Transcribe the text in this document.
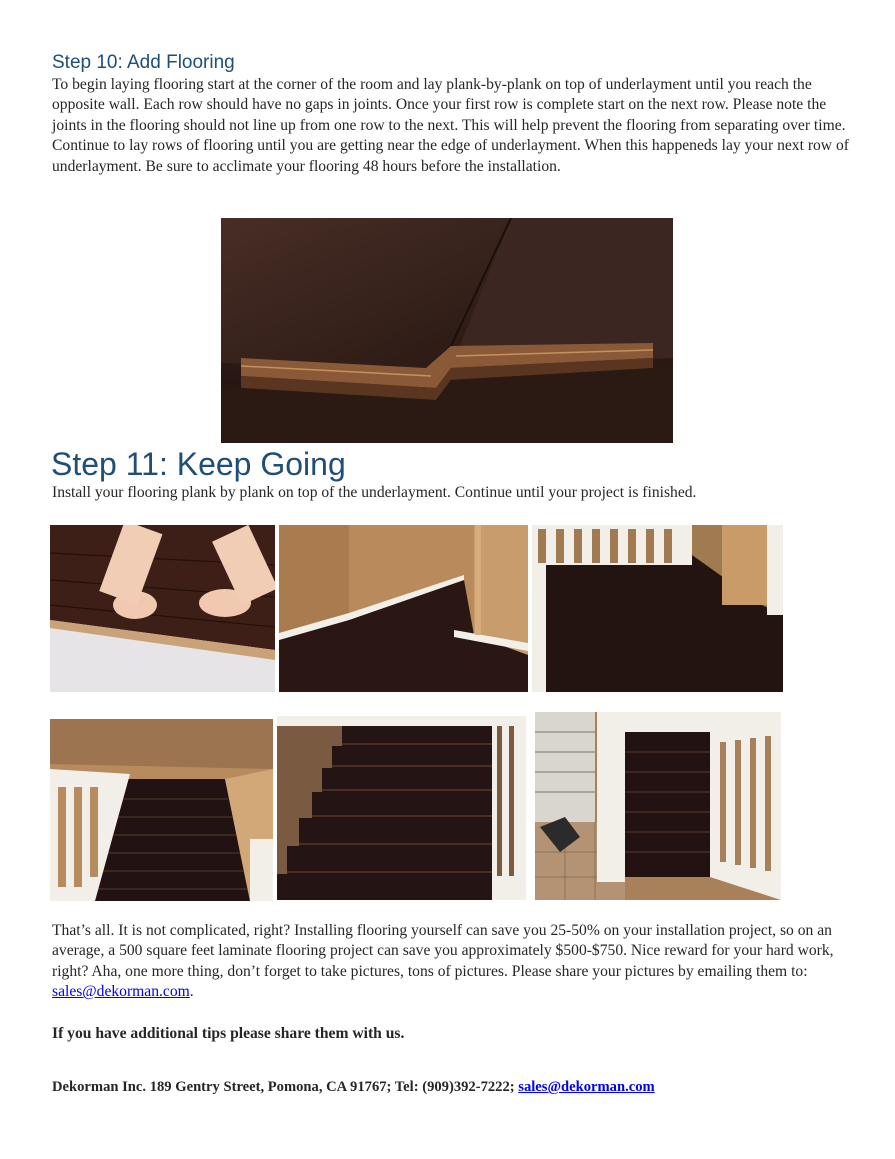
Step 10: Add Flooring

To begin laying flooring start at the corner of the room and lay plank-by-plank on top of underlayment until you reach the opposite wall. Each row should have no gaps in joints. Once your first row is complete start on the next row. Please note the joints in the flooring should not line up from one row to the next. This will help prevent the flooring from separating over time. Continue to lay rows of flooring until you are getting near the edge of underlayment. When this happeneds lay your next row of underlayment. Be sure to acclimate your flooring 48 hours before the installation.

Step 11: Keep Going

Install your flooring plank by plank on top of the underlayment. Continue until your project is finished.

That’s all. It is not complicated, right? Installing flooring yourself can save you 25-50% on your installation project, so on an average, a 500 square feet laminate flooring project can save you approximately $500-$750. Nice reward for your hard work, right? Aha, one more thing, don’t forget to take pictures, tons of pictures. Please share your pictures by emailing them to: sales@dekorman.com.

If you have additional tips please share them with us.

Dekorman Inc. 189 Gentry Street, Pomona, CA 91767; Tel: (909)392-7222; sales@dekorman.com
